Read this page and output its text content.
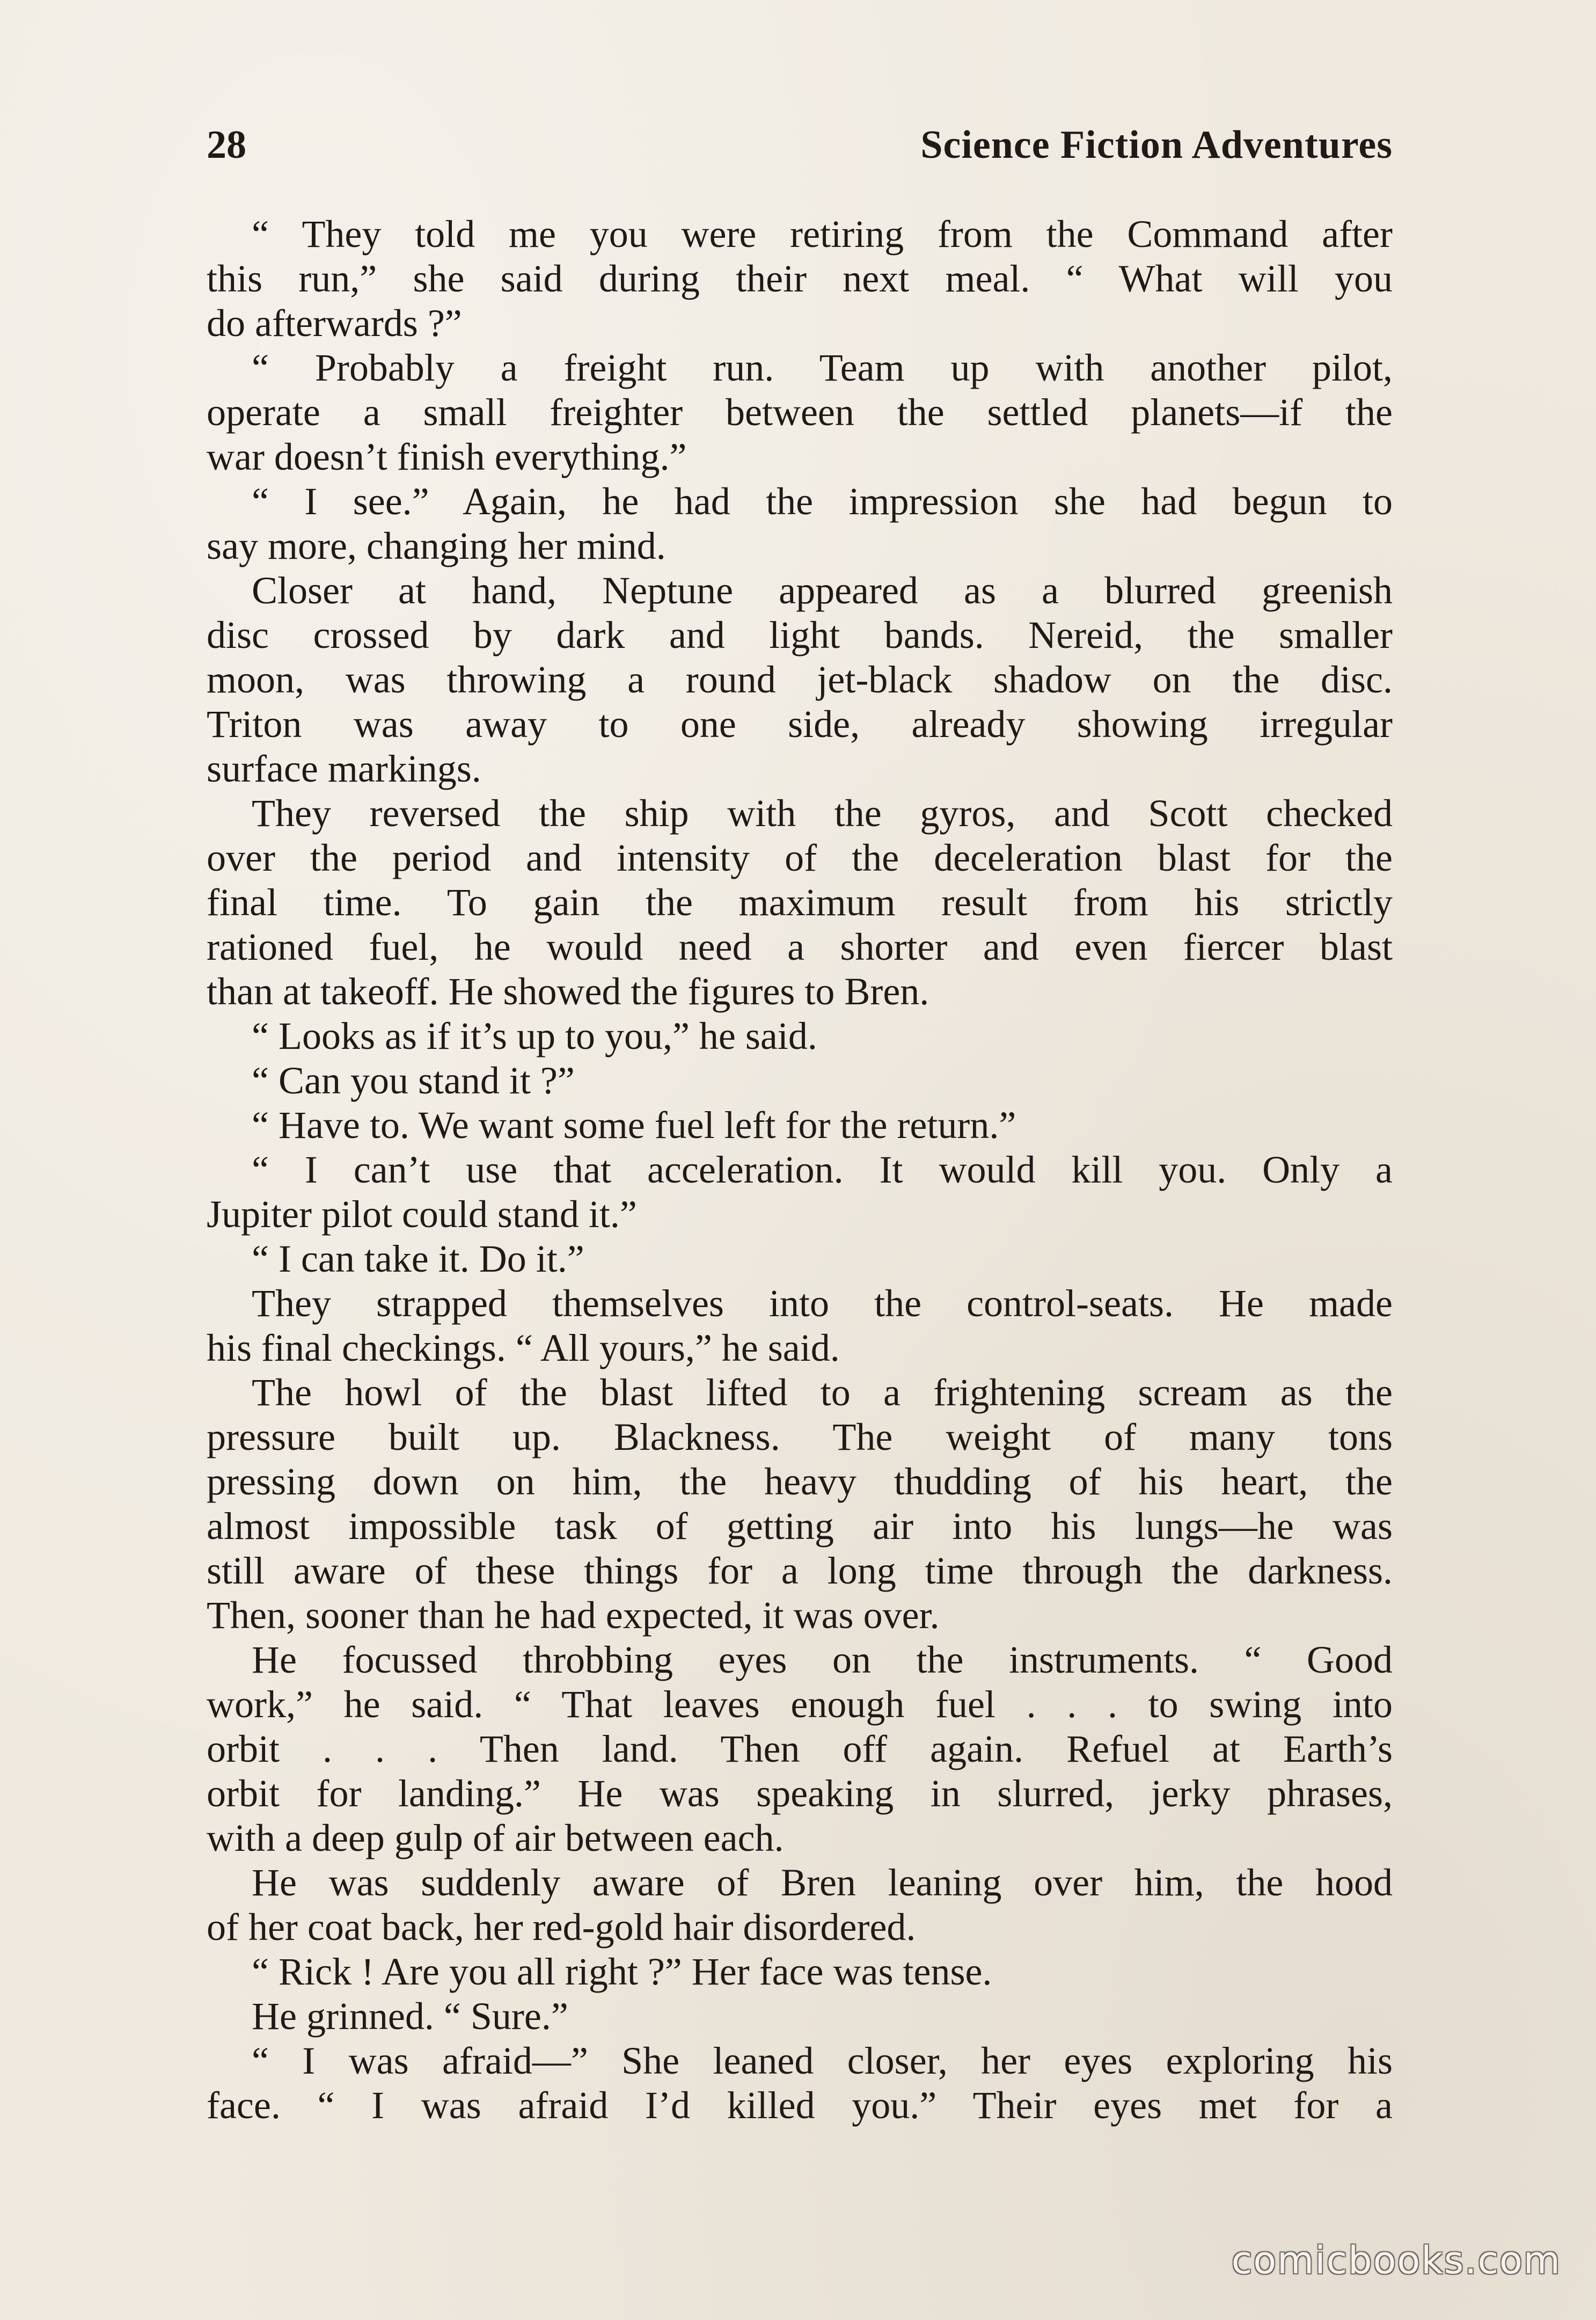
28	Science Fiction Adventures
“ They told me you were retiring from the Command after
this run,” she said during their next meal. “ What will you
do afterwards ?”
“ Probably a freight run. Team up with another pilot,
operate a small freighter between the settled planets—if the
war doesn’t finish everything.”
“ I see.” Again, he had the impression she had begun to
say more, changing her mind.
Closer at hand, Neptune appeared as a blurred greenish
disc crossed by dark and light bands. Nereid, the smaller
moon, was throwing a round jet-black shadow on the disc.
Triton was away to one side, already showing irregular
surface markings.
They reversed the ship with the gyros, and Scott checked
over the period and intensity of the deceleration blast for the
final time. To gain the maximum result from his strictly
rationed fuel, he would need a shorter and even fiercer blast
than at takeoff. He showed the figures to Bren.
“ Looks as if it’s up to you,” he said.
“ Can you stand it ?”
“ Have to. We want some fuel left for the return.”
“ I can’t use that acceleration. It would kill you. Only a
Jupiter pilot could stand it.”
“ I can take it. Do it.”
They strapped themselves into the control-seats. He made
his final checkings. “ All yours,” he said.
The howl of the blast lifted to a frightening scream as the
pressure built up. Blackness. The weight of many tons
pressing down on him, the heavy thudding of his heart, the
almost impossible task of getting air into his lungs—he was
still aware of these things for a long time through the darkness.
Then, sooner than he had expected, it was over.
He focussed throbbing eyes on the instruments. “ Good
work,” he said. “ That leaves enough fuel . . . to swing into
orbit . . . Then land. Then off again. Refuel at Earth’s
orbit for landing.” He was speaking in slurred, jerky phrases,
with a deep gulp of air between each.
He was suddenly aware of Bren leaning over him, the hood
of her coat back, her red-gold hair disordered.
“ Rick ! Are you all right ?” Her face was tense.
He grinned. “ Sure.”
“ I was afraid—” She leaned closer, her eyes exploring his
face. “ I was afraid I’d killed you.” Their eyes met for a
comicbooks.com
